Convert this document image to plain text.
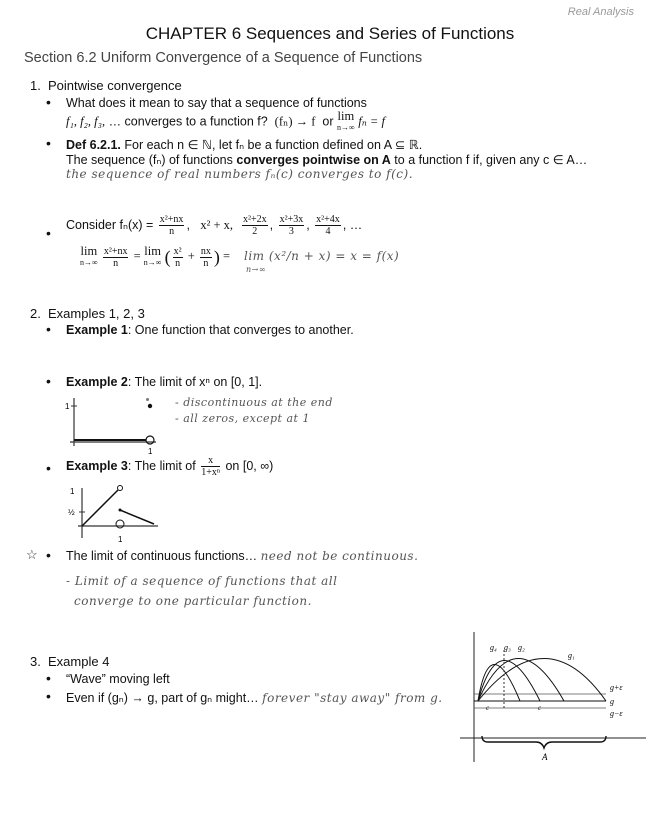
Real Analysis
CHAPTER 6 Sequences and Series of Functions
Section 6.2 Uniform Convergence of a Sequence of Functions
1. Pointwise convergence
• What does it mean to say that a sequence of functions
f₁, f₂, f₃, … converges to a function f? (fₙ) → f or lim
n→∞ fₙ = f
• Def 6.2.1. For each n ∈ ℕ, let fₙ be a function defined on A ⊆ ℝ.
The sequence (fₙ) of functions converges pointwise on A to a function f if, given any c ∈ A…
the sequence of real numbers fₙ(c) converges to f(c).
• Consider $f_n(x) = \frac{\text{x²+nx}}{n}$ ,   x² + x, $\frac{\text{x²+2x}}{2}$ , $\frac{\text{x²+3x}}{3}$ , $\frac{\text{x²+4x}}{4}$ , …
lim
n→∞
$\frac{\text{x²+nx}}{n} = \lim$
n→∞ ( $\frac{\text{x²}}{n} + \frac{nx}{n}$ ) = lim (x²/n + x) = x = f(x)
n→∞
2. Examples 1, 2, 3
• Example 1: One function that converges to another.
• Example 2: The limit of xⁿ on [0, 1].
- discontinuous at the end
- all zeros, except at 1
1
1
• Example 3: The limit of $\frac{x}{\text{1+xⁿ}}$ on [0, ∞)
1
½
1
☆ • The limit of continuous functions… need not be continuous.
- Limit of a sequence of functions that all
converge to one particular function.
3. Example 4
• “Wave” moving left
• Even if (gₙ) → g, part of gₙ might… forever "stay away" from g.
g₄ g₃ g₂
g₁
g+ε
g
g−ε
c	c
A
